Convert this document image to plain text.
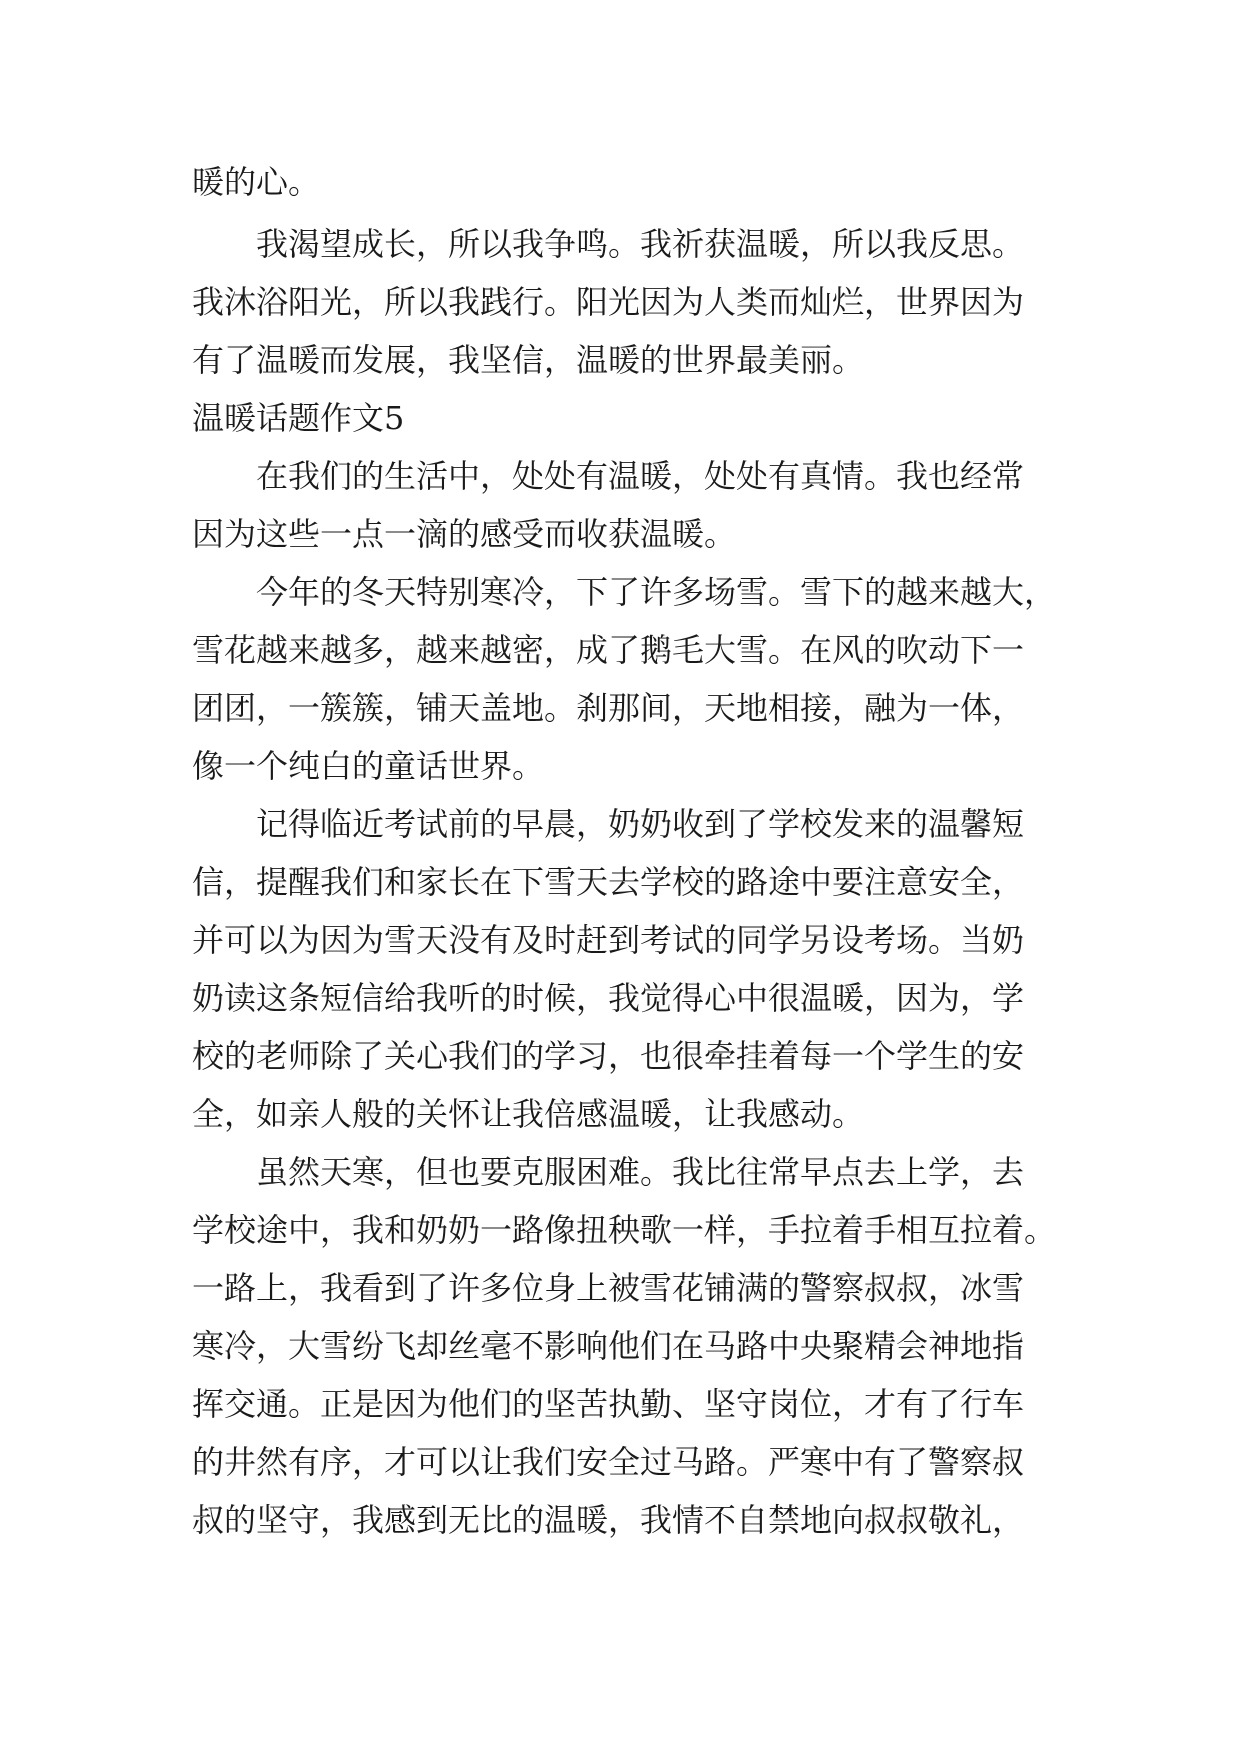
暖的心。
我渴望成长，所以我争鸣。我祈获温暖，所以我反思。
我沐浴阳光，所以我践行。阳光因为人类而灿烂，世界因为
有了温暖而发展，我坚信，温暖的世界最美丽。
温暖话题作文5
在我们的生活中，处处有温暖，处处有真情。我也经常
因为这些一点一滴的感受而收获温暖。
今年的冬天特别寒冷，下了许多场雪。雪下的越来越大，
雪花越来越多，越来越密，成了鹅毛大雪。在风的吹动下一
团团，一簇簇，铺天盖地。刹那间，天地相接，融为一体，
像一个纯白的童话世界。
记得临近考试前的早晨，奶奶收到了学校发来的温馨短
信，提醒我们和家长在下雪天去学校的路途中要注意安全，
并可以为因为雪天没有及时赶到考试的同学另设考场。当奶
奶读这条短信给我听的时候，我觉得心中很温暖，因为，学
校的老师除了关心我们的学习，也很牵挂着每一个学生的安
全，如亲人般的关怀让我倍感温暖，让我感动。
虽然天寒，但也要克服困难。我比往常早点去上学，去
学校途中，我和奶奶一路像扭秧歌一样，手拉着手相互拉着。
一路上，我看到了许多位身上被雪花铺满的警察叔叔，冰雪
寒冷，大雪纷飞却丝毫不影响他们在马路中央聚精会神地指
挥交通。正是因为他们的坚苦执勤、坚守岗位，才有了行车
的井然有序，才可以让我们安全过马路。严寒中有了警察叔
叔的坚守，我感到无比的温暖，我情不自禁地向叔叔敬礼，
